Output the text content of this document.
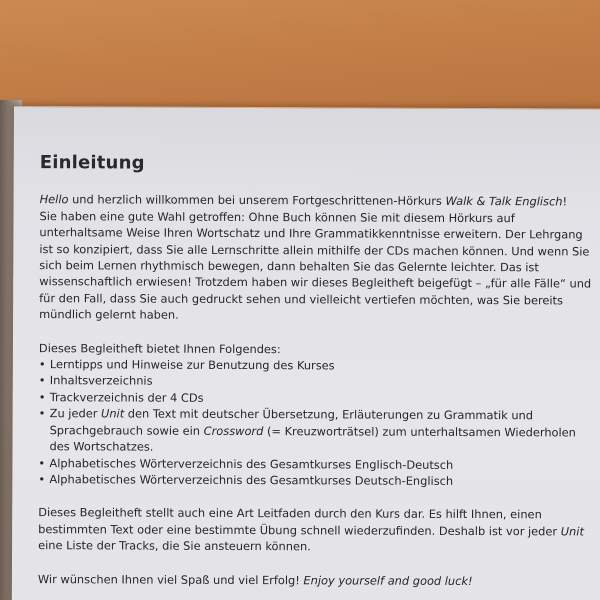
Einleitung

Hello und herzlich willkommen bei unserem Fortgeschrittenen-Hörkurs Walk & Talk Englisch!

Sie haben eine gute Wahl getroffen: Ohne Buch können Sie mit diesem Hörkurs auf unterhaltsame Weise Ihren Wortschatz und Ihre Grammatikkenntnisse erweitern. Der Lehrgang ist so konzipiert, dass Sie alle Lernschritte allein mithilfe der CDs machen können. Und wenn Sie sich beim Lernen rhythmisch bewegen, dann behalten Sie das Gelernte leichter. Das ist wissenschaftlich erwiesen! Trotzdem haben wir dieses Begleitheft beigefügt – „für alle Fälle“ und für den Fall, dass Sie auch gedruckt sehen und vielleicht vertiefen möchten, was Sie bereits mündlich gelernt haben.

Dieses Begleitheft bietet Ihnen Folgendes:

• Lerntipps und Hinweise zur Benutzung des Kurses
• Inhaltsverzeichnis
• Trackverzeichnis der 4 CDs
• Zu jeder Unit den Text mit deutscher Übersetzung, Erläuterungen zu Grammatik und Sprachgebrauch sowie ein Crossword (= Kreuzworträtsel) zum unterhaltsamen Wiederholen des Wortschatzes.
• Alphabetisches Wörterverzeichnis des Gesamtkurses Englisch-Deutsch
• Alphabetisches Wörterverzeichnis des Gesamtkurses Deutsch-Englisch

Dieses Begleitheft stellt auch eine Art Leitfaden durch den Kurs dar. Es hilft Ihnen, einen bestimmten Text oder eine bestimmte Übung schnell wiederzufinden. Deshalb ist vor jeder Unit eine Liste der Tracks, die Sie ansteuern können.

Wir wünschen Ihnen viel Spaß und viel Erfolg! Enjoy yourself and good luck!
